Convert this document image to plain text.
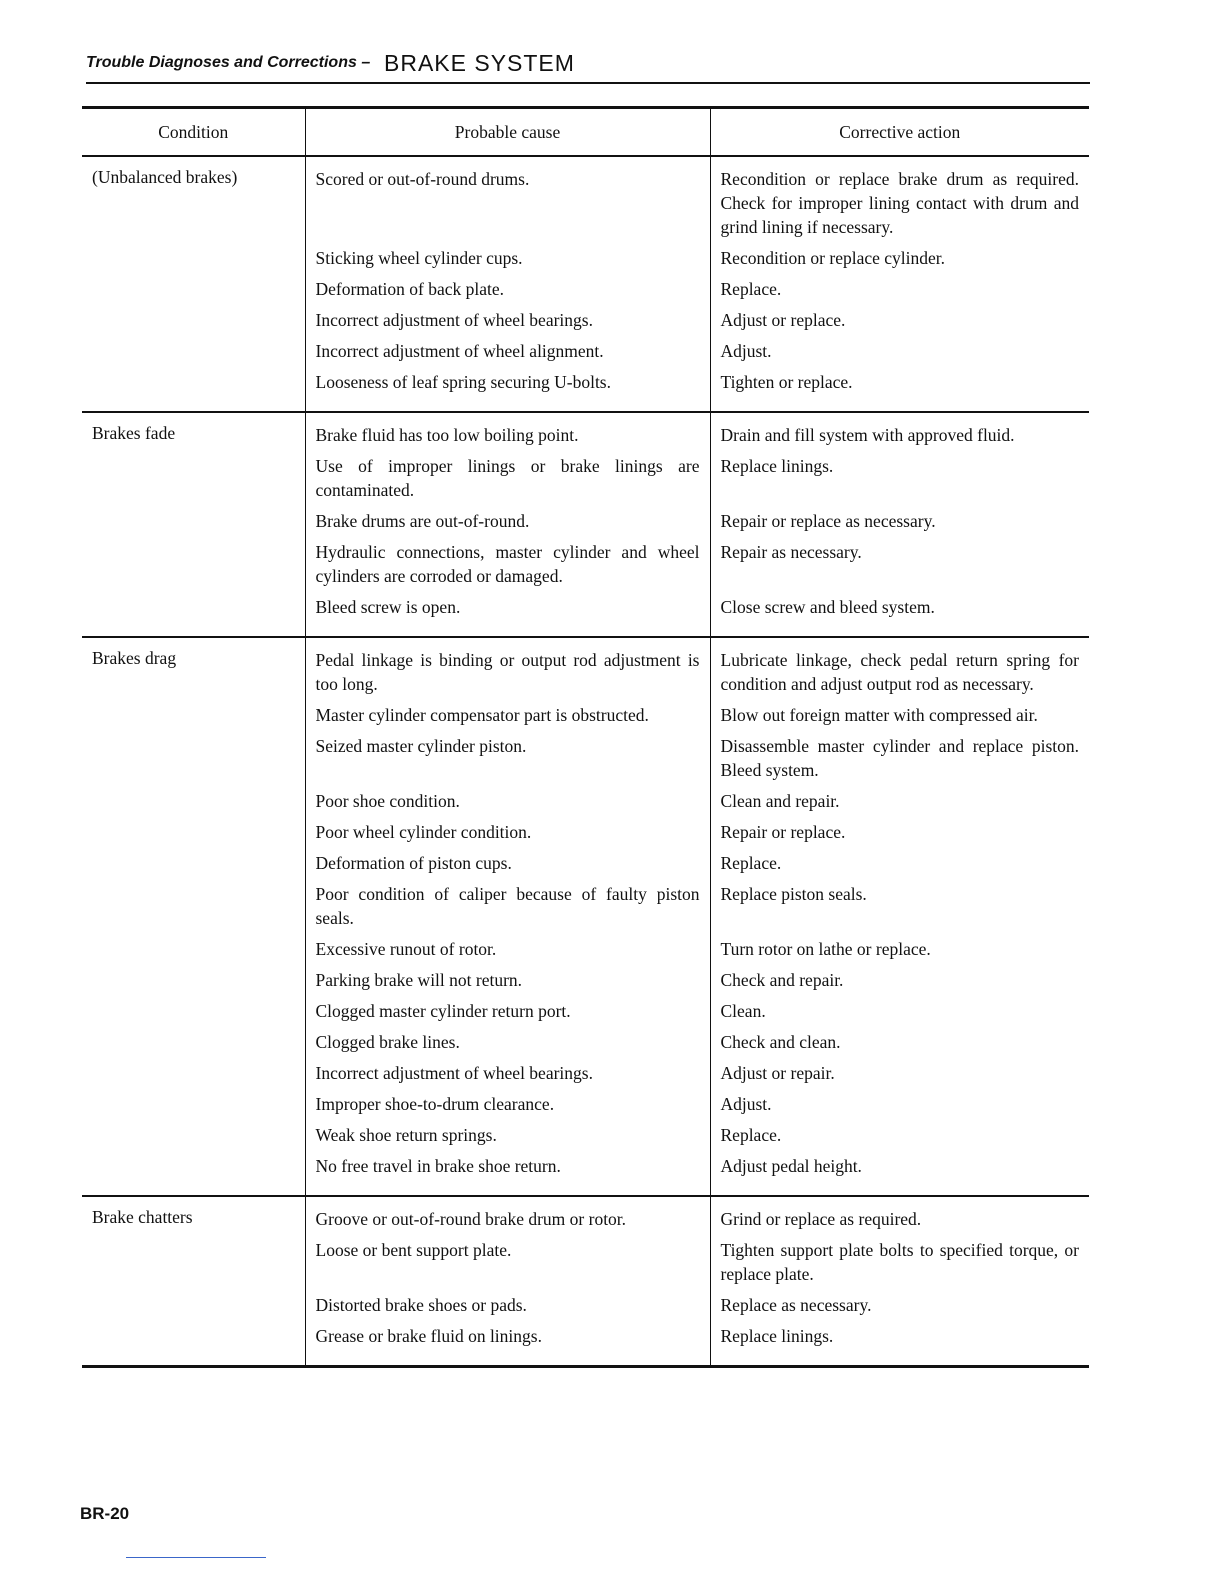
Trouble Diagnoses and Corrections – BRAKE SYSTEM
Condition	Probable cause	Corrective action
(Unbalanced brakes)	Scored or out-of-round drums.	Recondition or replace brake drum as required. Check for improper lining contact with drum and grind lining if necessary.

	Sticking wheel cylinder cups.	Recondition or replace cylinder.

	Deformation of back plate.	Replace.

	Incorrect adjustment of wheel bearings.	Adjust or replace.

	Incorrect adjustment of wheel alignment.	Adjust.

	Looseness of leaf spring securing U-bolts.	Tighten or replace.

Brakes fade	Brake fluid has too low boiling point.	Drain and fill system with approved fluid.

	Use of improper linings or brake linings are contaminated.	Replace linings.

	Brake drums are out-of-round.	Repair or replace as necessary.

	Hydraulic connections, master cylinder and wheel cylinders are corroded or damaged.	Repair as necessary.

	Bleed screw is open.	Close screw and bleed system.

Brakes drag	Pedal linkage is binding or output rod adjustment is too long.	Lubricate linkage, check pedal return spring for condition and adjust output rod as necessary.

	Master cylinder compensator part is obstructed.	Blow out foreign matter with compressed air.

	Seized master cylinder piston.	Disassemble master cylinder and replace piston. Bleed system.

	Poor shoe condition.	Clean and repair.

	Poor wheel cylinder condition.	Repair or replace.

	Deformation of piston cups.	Replace.

	Poor condition of caliper because of faulty piston seals.	Replace piston seals.

	Excessive runout of rotor.	Turn rotor on lathe or replace.

	Parking brake will not return.	Check and repair.

	Clogged master cylinder return port.	Clean.

	Clogged brake lines.	Check and clean.

	Incorrect adjustment of wheel bearings.	Adjust or repair.

	Improper shoe-to-drum clearance.	Adjust.

	Weak shoe return springs.	Replace.

	No free travel in brake shoe return.	Adjust pedal height.

Brake chatters	Groove or out-of-round brake drum or rotor.	Grind or replace as required.

	Loose or bent support plate.	Tighten support plate bolts to specified torque, or replace plate.

	Distorted brake shoes or pads.	Replace as necessary.

	Grease or brake fluid on linings.	Replace linings.
BR-20
